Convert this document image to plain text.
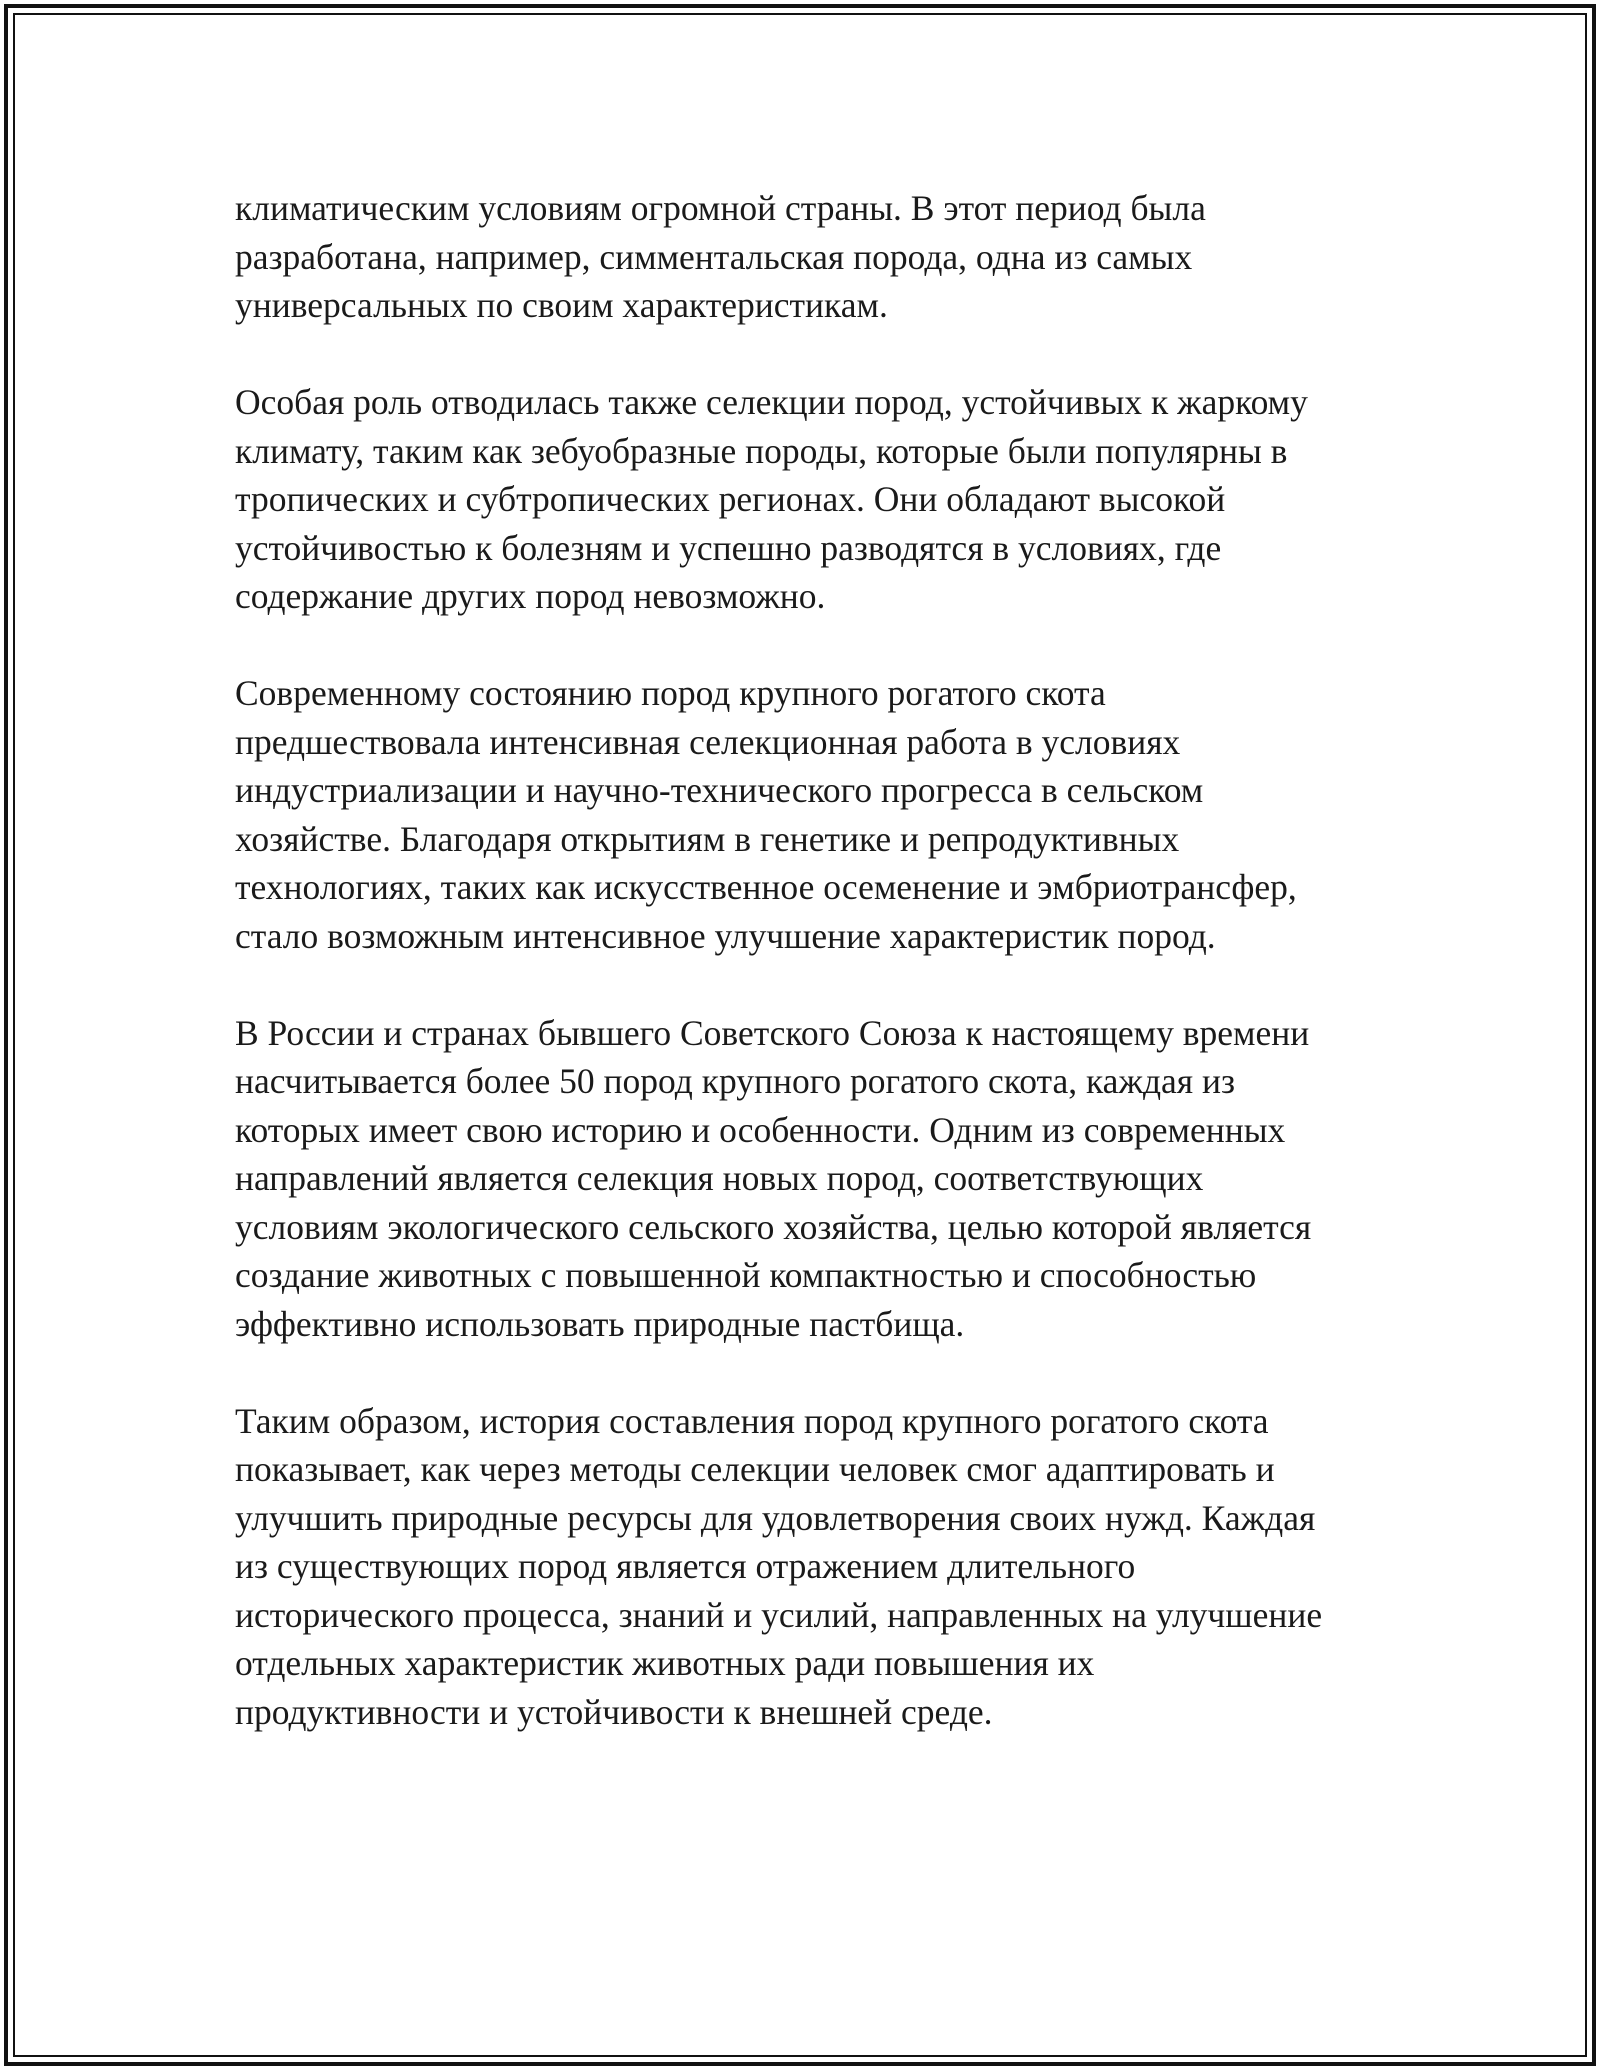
климатическим условиям огромной страны. В этот период была
разработана, например, симментальская порода, одна из самых
универсальных по своим характеристикам.

Особая роль отводилась также селекции пород, устойчивых к жаркому
климату, таким как зебуобразные породы, которые были популярны в
тропических и субтропических регионах. Они обладают высокой
устойчивостью к болезням и успешно разводятся в условиях, где
содержание других пород невозможно.

Современному состоянию пород крупного рогатого скота
предшествовала интенсивная селекционная работа в условиях
индустриализации и научно-технического прогресса в сельском
хозяйстве. Благодаря открытиям в генетике и репродуктивных
технологиях, таких как искусственное осеменение и эмбриотрансфер,
стало возможным интенсивное улучшение характеристик пород.

В России и странах бывшего Советского Союза к настоящему времени
насчитывается более 50 пород крупного рогатого скота, каждая из
которых имеет свою историю и особенности. Одним из современных
направлений является селекция новых пород, соответствующих
условиям экологического сельского хозяйства, целью которой является
создание животных с повышенной компактностью и способностью
эффективно использовать природные пастбища.

Таким образом, история составления пород крупного рогатого скота
показывает, как через методы селекции человек смог адаптировать и
улучшить природные ресурсы для удовлетворения своих нужд. Каждая
из существующих пород является отражением длительного
исторического процесса, знаний и усилий, направленных на улучшение
отдельных характеристик животных ради повышения их
продуктивности и устойчивости к внешней среде.
